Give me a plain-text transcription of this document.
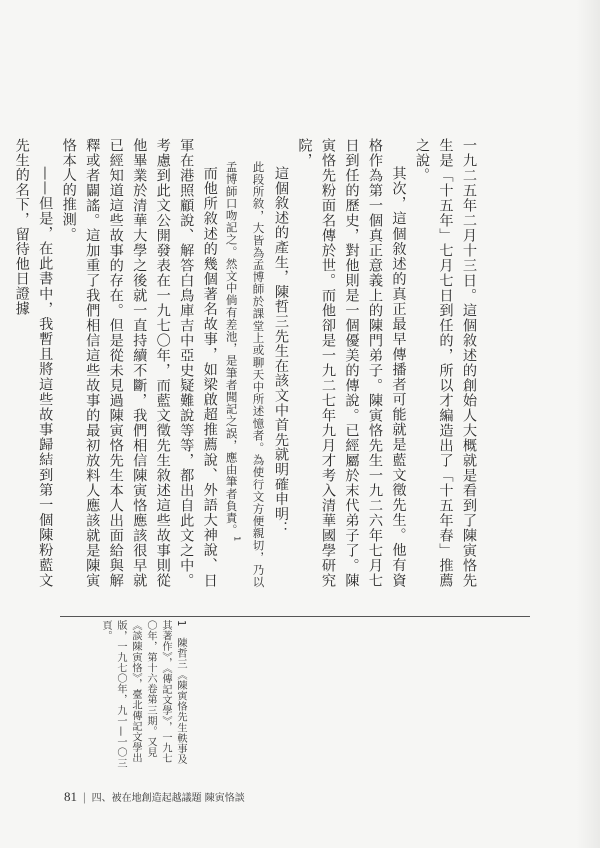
一九二五年二月十三日。這個敘述的創始人大概就是看到了陳寅恪先生是「十五年」七月七日到任的，所以才編造出了「十五年春」推薦之說。

其次，這個敘述的真正最早傳播者可能就是藍文徵先生。他有資格作為第一個真正意義上的陳門弟子。陳寅恪先生一九二六年七月七日到任的歷史，對他則是一個優美的傳說。已經屬於末代弟子了。陳寅恪先粉面名傳於世。而他卻是一九二七年九月才考入清華國學研究院，

這個敘述的產生，陳哲三先生在該文中首先就明確申明：

此段所敘，大皆為孟博師於課堂上或聊天中所述憶者。為使行文方便親切，乃以孟博師口吻記之。然文中倘有差池，是筆者聞記之誤，應由筆者負責。$^1$

而他所敘述的幾個著名故事，如梁啟超推薦說、外語大神說、日軍在港照顧說、解答白鳥庫吉中亞史疑難說等等，都出自此文之中。考慮到此文公開發表在一九七〇年，而藍文徵先生敘述這些故事則從他畢業於清華大學之後就一直持續不斷，我們相信陳寅恪應該很早就已經知道這些故事的存在。但是從未見過陳寅恪先生本人出面給與解釋或者闢謠。這加重了我們相信這些故事的最初放料人應該就是陳寅恪本人的推測。

——但是，在此書中，我暫且將這些故事歸結到第一個陳粉藍文　先生的名下，留待他日證據

1　陳哲三《陳寅恪先生軼事及其著作》，《傳記文學》，一九七〇年，第十六卷第三期。又見《談陳寅恪》，臺北傳記文學出版，一九七〇年，九一—一〇三頁。

81 | 四、被在地創造起越議題 陳寅恪談
